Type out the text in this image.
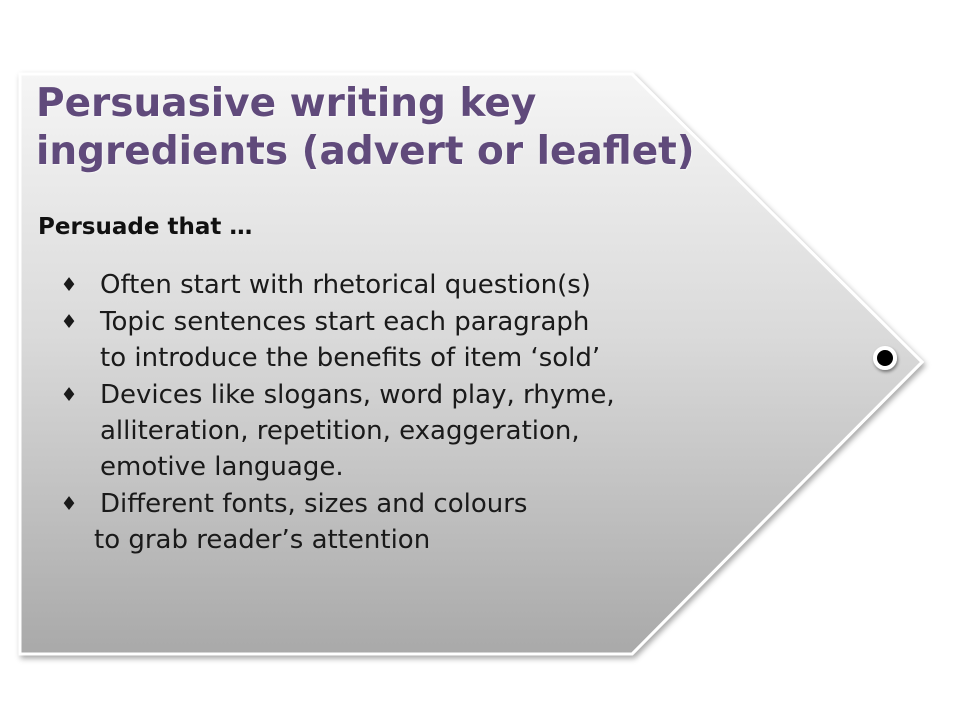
Persuasive writing key
ingredients (advert or leaflet)

Persuade that …

♦ Often start with rhetorical question(s)
♦ Topic sentences start each paragraph
to introduce the benefits of item ‘sold’
♦ Devices like slogans, word play, rhyme,
alliteration, repetition, exaggeration,
emotive language.
♦ Different fonts, sizes and colours
to grab reader’s attention
